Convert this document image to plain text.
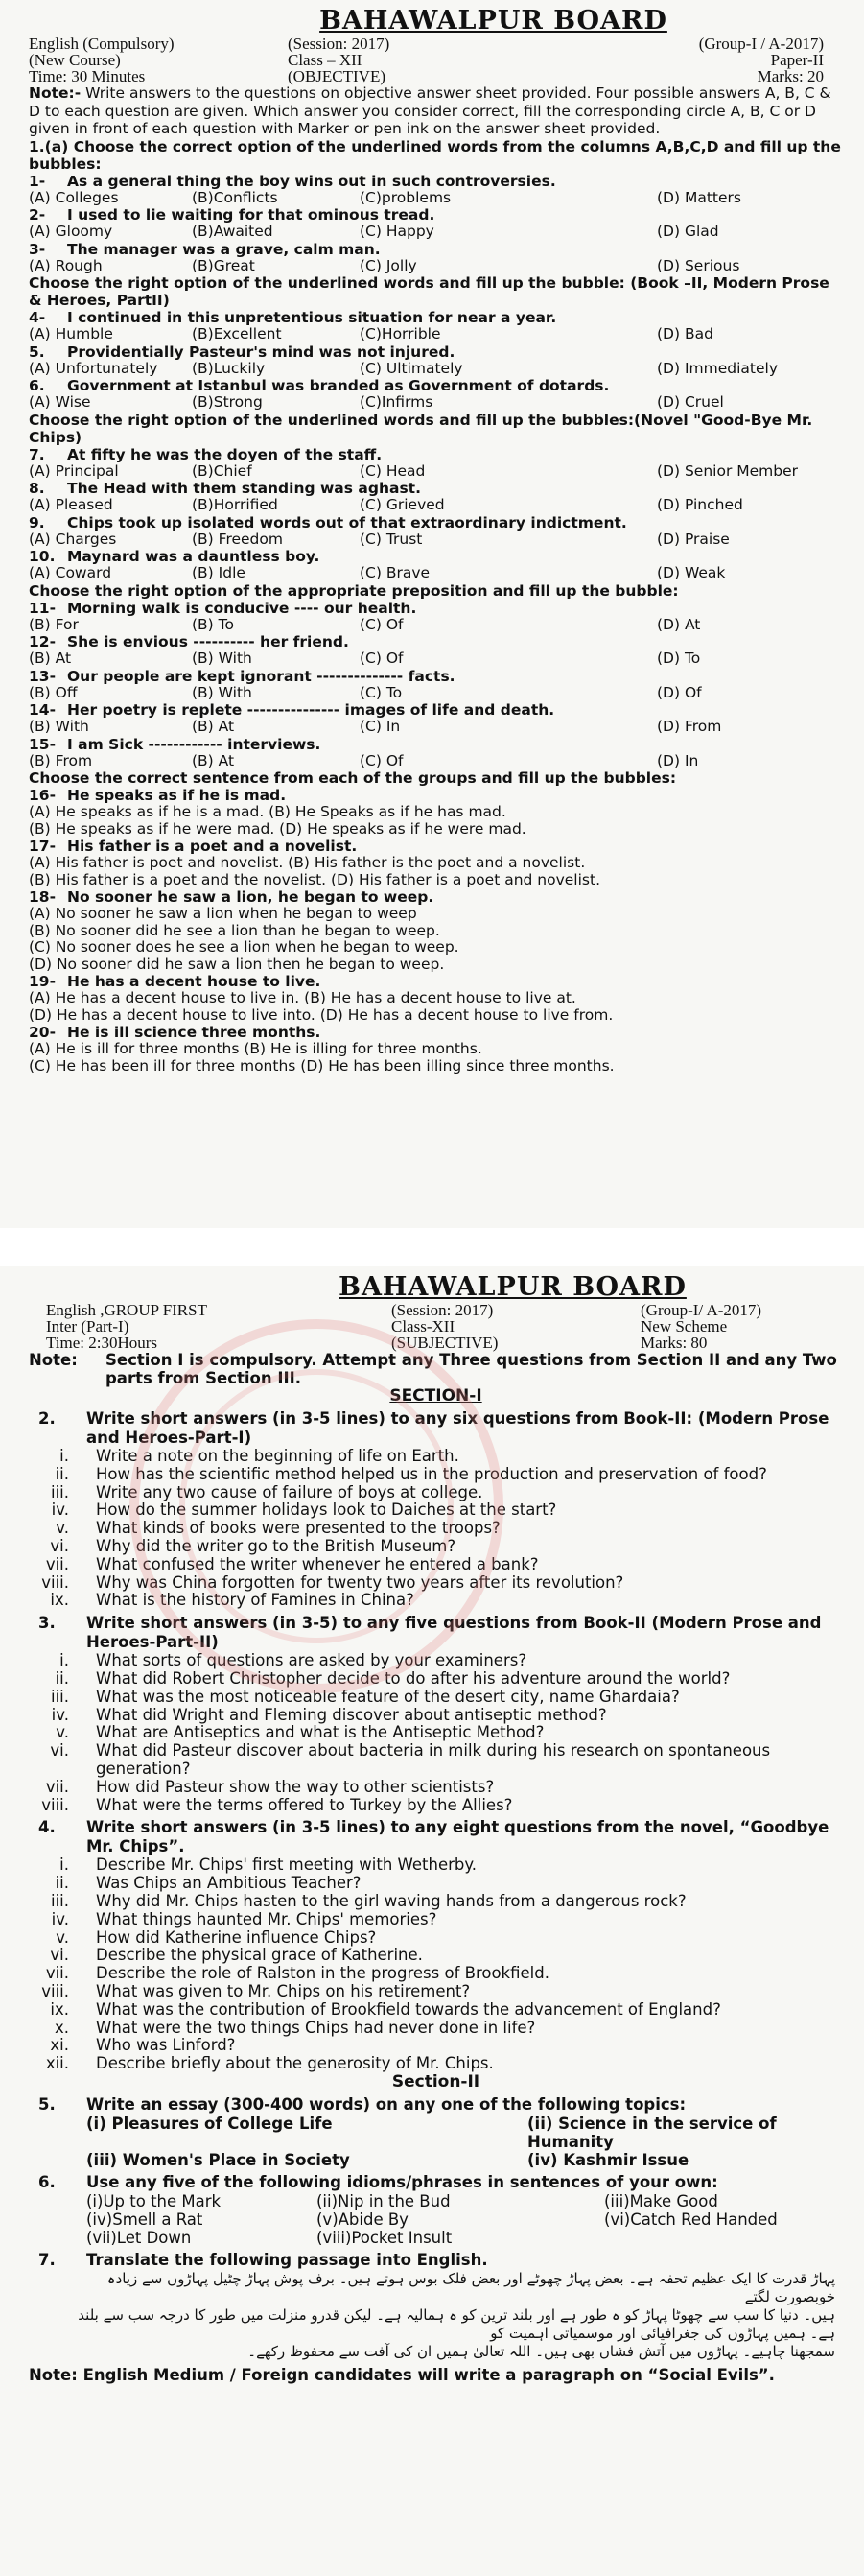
BAHAWALPUR BOARD
English (Compulsory)	(Session: 2017)	(Group-I / A-2017)
(New Course)	Class – XII	Paper-II
Time: 30 Minutes	(OBJECTIVE)	Marks: 20
Note:- Write answers to the questions on objective answer sheet provided. Four possible answers A, B, C & D to each question are given. Which answer you consider correct, fill the corresponding circle A, B, C or D given in front of each question with Marker or pen ink on the answer sheet provided.
1.(a) Choose the correct option of the underlined words from the columns A,B,C,D and fill up the bubbles:
1- As a general thing the boy wins out in such controversies.
(A) Colleges	(B)Conflicts	(C)problems	(D) Matters
2- I used to lie waiting for that ominous tread.
(A) Gloomy	(B)Awaited	(C) Happy	(D) Glad
3- The manager was a grave, calm man.
(A) Rough	(B)Great	(C) Jolly	(D) Serious
Choose the right option of the underlined words and fill up the bubble: (Book –II, Modern Prose & Heroes, PartII)
4- I continued in this unpretentious situation for near a year.
(A) Humble	(B)Excellent	(C)Horrible	(D) Bad
5. Providentially Pasteur's mind was not injured.
(A) Unfortunately	(B)Luckily	(C) Ultimately	(D) Immediately
6. Government at Istanbul was branded as Government of dotards.
(A) Wise	(B)Strong	(C)Infirms	(D) Cruel
Choose the right option of the underlined words and fill up the bubbles:(Novel "Good-Bye Mr. Chips)
7. At fifty he was the doyen of the staff.
(A) Principal	(B)Chief	(C) Head	(D) Senior Member
8. The Head with them standing was aghast.
(A) Pleased	(B)Horrified	(C) Grieved	(D) Pinched
9. Chips took up isolated words out of that extraordinary indictment.
(A) Charges	(B) Freedom	(C) Trust	(D) Praise
10. Maynard was a dauntless boy.
(A) Coward	(B) Idle	(C) Brave	(D) Weak
Choose the right option of the appropriate preposition and fill up the bubble:
11- Morning walk is conducive ---- our health.
(B) For	(B) To	(C) Of	(D) At
12- She is envious ---------- her friend.
(B) At	(B) With	(C) Of	(D) To
13- Our people are kept ignorant -------------- facts.
(B) Off	(B) With	(C) To	(D) Of
14- Her poetry is replete --------------- images of life and death.
(B) With	(B) At	(C) In	(D) From
15- I am Sick ------------ interviews.
(B) From	(B) At	(C) Of	(D) In
Choose the correct sentence from each of the groups and fill up the bubbles:
16- He speaks as if he is mad.
(A) He speaks as if he is a mad. (B) He Speaks as if he has mad.
(B) He speaks as if he were mad. (D) He speaks as if he were mad.
17- His father is a poet and a novelist.
(A) His father is poet and novelist. (B) His father is the poet and a novelist.
(B) His father is a poet and the novelist. (D) His father is a poet and novelist.
18- No sooner he saw a lion, he began to weep.
(A) No sooner he saw a lion when he began to weep
(B) No sooner did he see a lion than he began to weep.
(C) No sooner does he see a lion when he began to weep.
(D) No sooner did he saw a lion then he began to weep.
19- He has a decent house to live.
(A) He has a decent house to live in. (B) He has a decent house to live at.
(D) He has a decent house to live into. (D) He has a decent house to live from.
20- He is ill science three months.
(A) He is ill for three months (B) He is illing for three months.
(C) He has been ill for three months (D) He has been illing since three months.
BAHAWALPUR BOARD
English ,GROUP FIRST	(Session: 2017)	(Group-I/ A-2017)
Inter (Part-I)	Class-XII	New Scheme
Time: 2:30Hours	(SUBJECTIVE)	Marks: 80
Note:	Section I is compulsory. Attempt any Three questions from Section II and any Two parts from Section III.
SECTION-I
2.	Write short answers (in 3-5 lines) to any six questions from Book-II: (Modern Prose and Heroes-Part-I)
i.	Write a note on the beginning of life on Earth.
ii.	How has the scientific method helped us in the production and preservation of food?
iii.	Write any two cause of failure of boys at college.
iv.	How do the summer holidays look to Daiches at the start?
v.	What kinds of books were presented to the troops?
vi.	Why did the writer go to the British Museum?
vii.	What confused the writer whenever he entered a bank?
viii.	Why was China forgotten for twenty two years after its revolution?
ix.	What is the history of Famines in China?
3.	Write short answers (in 3-5) to any five questions from Book-II (Modern Prose and Heroes-Part-II)
i.	What sorts of questions are asked by your examiners?
ii.	What did Robert Christopher decide to do after his adventure around the world?
iii.	What was the most noticeable feature of the desert city, name Ghardaia?
iv.	What did Wright and Fleming discover about antiseptic method?
v.	What are Antiseptics and what is the Antiseptic Method?
vi.	What did Pasteur discover about bacteria in milk during his research on spontaneous generation?
vii.	How did Pasteur show the way to other scientists?
viii.	What were the terms offered to Turkey by the Allies?
4.	Write short answers (in 3-5 lines) to any eight questions from the novel, “Goodbye Mr. Chips”.
i.	Describe Mr. Chips' first meeting with Wetherby.
ii.	Was Chips an Ambitious Teacher?
iii.	Why did Mr. Chips hasten to the girl waving hands from a dangerous rock?
iv.	What things haunted Mr. Chips' memories?
v.	How did Katherine influence Chips?
vi.	Describe the physical grace of Katherine.
vii.	Describe the role of Ralston in the progress of Brookfield.
viii.	What was given to Mr. Chips on his retirement?
ix.	What was the contribution of Brookfield towards the advancement of England?
x.	What were the two things Chips had never done in life?
xi.	Who was Linford?
xii.	Describe briefly about the generosity of Mr. Chips.
Section-II
5.	Write an essay (300-400 words) on any one of the following topics:
(i) Pleasures of College Life	(ii) Science in the service of Humanity
(iii) Women's Place in Society	(iv) Kashmir Issue
6.	Use any five of the following idioms/phrases in sentences of your own:
(i)Up to the Mark	(ii)Nip in the Bud	(iii)Make Good
(iv)Smell a Rat	(v)Abide By	(vi)Catch Red Handed
(vii)Let Down	(viii)Pocket Insult
7.	Translate the following passage into English.
پہاڑ قدرت کا ایک عظیم تحفہ ہے۔ بعض پہاڑ چھوٹے اور بعض فلک بوس ہوتے ہیں۔ برف پوش پہاڑ چٹیل پہاڑوں سے زیادہ خوبصورت لگتے
ہیں۔ دنیا کا سب سے چھوٹا پہاڑ کو ہ طور ہے اور بلند ترین کو ہ ہمالیہ ہے۔ لیکن قدرو منزلت میں طور کا درجہ سب سے بلند ہے۔ ہمیں پہاڑوں کی جغرافیائی اور موسمیاتی اہمیت کو
سمجھنا چاہیے۔ پہاڑوں میں آتش فشاں بھی ہیں۔ اللہ تعالیٰ ہمیں ان کی آفت سے محفوظ رکھے۔
Note: English Medium / Foreign candidates will write a paragraph on “Social Evils”.
